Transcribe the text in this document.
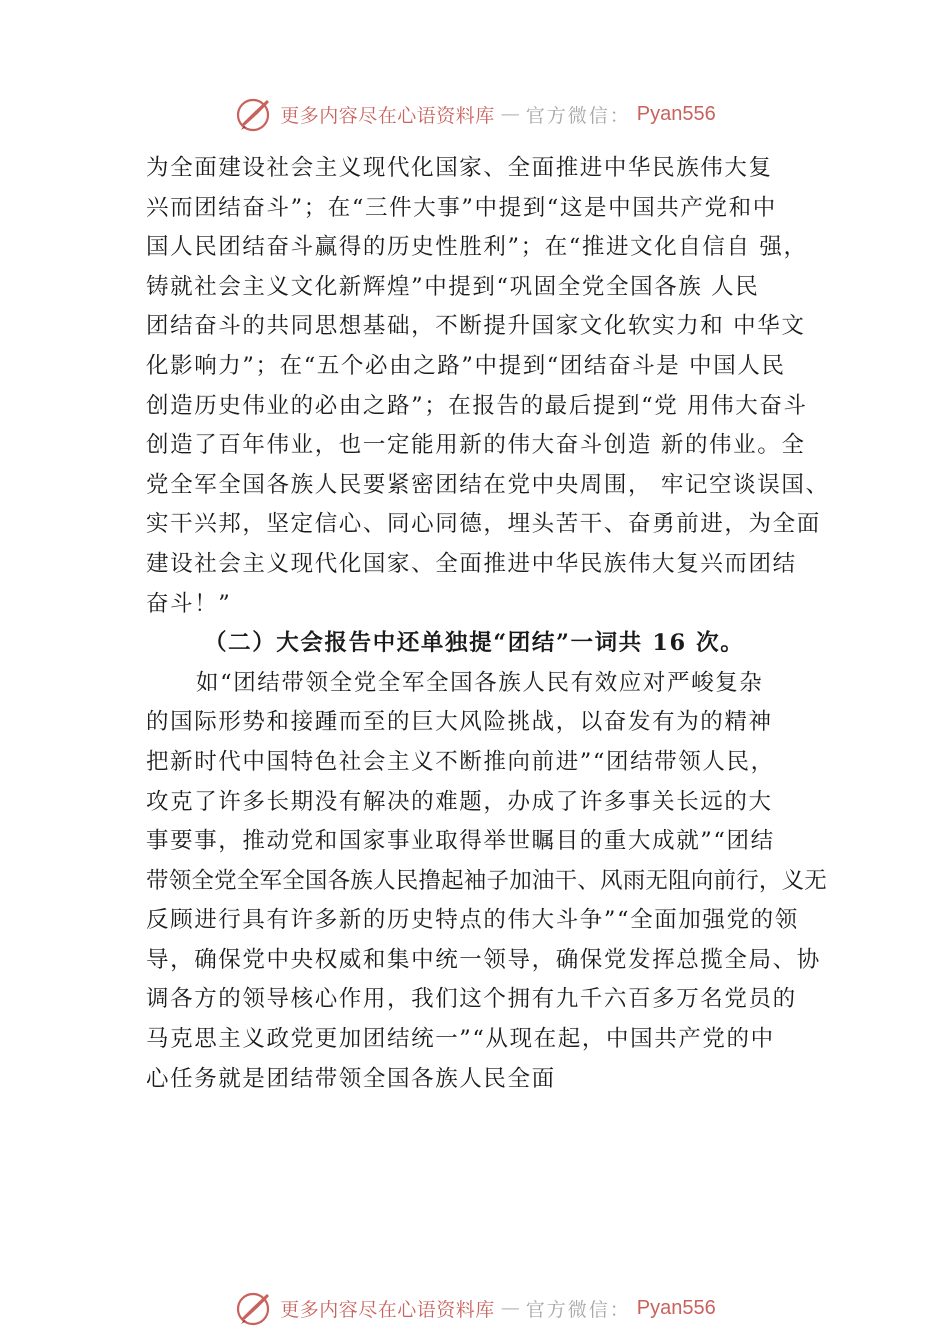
更多内容尽在心语资料库 — 官方微信： Pyan556
为全面建设社会主义现代化国家、全面推进中华民族伟大复
兴而团结奋斗”；在“三件大事”中提到“这是中国共产党和中
国人民团结奋斗赢得的历史性胜利”；在“推进文化自信自 强，
铸就社会主义文化新辉煌”中提到“巩固全党全国各族 人民
团结奋斗的共同思想基础，不断提升国家文化软实力和 中华文
化影响力”；在“五个必由之路”中提到“团结奋斗是 中国人民
创造历史伟业的必由之路”；在报告的最后提到“党 用伟大奋斗
创造了百年伟业，也一定能用新的伟大奋斗创造 新的伟业。全
党全军全国各族人民要紧密团结在党中央周围， 牢记空谈误国、
实干兴邦，坚定信心、同心同德，埋头苦干、奋勇前进，为全面
建设社会主义现代化国家、全面推进中华民族伟大复兴而团结
奋斗！”
（二）大会报告中还单独提“团结”一词共 16 次。
如“团结带领全党全军全国各族人民有效应对严峻复杂
的国际形势和接踵而至的巨大风险挑战，以奋发有为的精神
把新时代中国特色社会主义不断推向前进”“团结带领人民，
攻克了许多长期没有解决的难题，办成了许多事关长远的大
事要事，推动党和国家事业取得举世瞩目的重大成就”“团结
带领全党全军全国各族人民撸起袖子加油干、风雨无阻向前行，义无
反顾进行具有许多新的历史特点的伟大斗争”“全面加强党的领
导，确保党中央权威和集中统一领导，确保党发挥总揽全局、协
调各方的领导核心作用，我们这个拥有九千六百多万名党员的
马克思主义政党更加团结统一”“从现在起，中国共产党的中
心任务就是团结带领全国各族人民全面
更多内容尽在心语资料库 — 官方微信： Pyan556
